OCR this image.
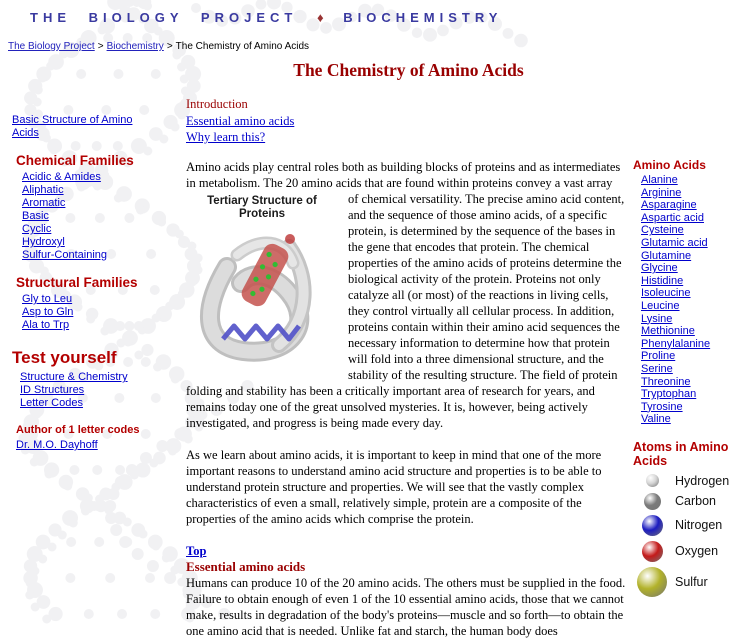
THE BIOLOGY PROJECT ♦ BIOCHEMISTRY
The Biology Project > Biochemistry > The Chemistry of Amino Acids
Basic Structure of Amino Acids
Chemical Families
Acidic & Amides
Aliphatic
Aromatic
Basic
Cyclic
Hydroxyl
Sulfur-Containing
Structural Families
Gly to Leu
Asp to Gln
Ala to Trp
Test yourself
Structure & Chemistry
ID Structures
Letter Codes
Author of 1 letter codes
Dr. M.O. Dayhoff
The Chemistry of Amino Acids
Introduction
Essential amino acids
Why learn this?

Amino acids play central roles both as building blocks of proteins and as intermediates in metabolism. The 20 amino acids that are found within proteins convey a vast array

Tertiary Structure of Proteins
of chemical versatility. The precise amino acid content, and the sequence of those amino acids, of a specific protein, is determined by the sequence of the bases in the gene that encodes that protein. The chemical properties of the amino acids of proteins determine the biological activity of the protein. Proteins not only catalyze all (or most) of the reactions in living cells, they control virtually all cellular process. In addition, proteins contain within their amino acid sequences the necessary information to determine how that protein will fold into a three dimensional structure, and the stability of the resulting structure. The field of protein folding and stability has been a critically important area of research for years, and remains today one of the great unsolved mysteries. It is, however, being actively investigated, and progress is being made every day.

As we learn about amino acids, it is important to keep in mind that one of the more important reasons to understand amino acid structure and properties is to be able to understand protein structure and properties. We will see that the vastly complex characteristics of even a small, relatively simple, protein are a composite of the properties of the amino acids which comprise the protein.

Top
Essential amino acids

Humans can produce 10 of the 20 amino acids. The others must be supplied in the food. Failure to obtain enough of even 1 of the 10 essential amino acids, those that we cannot make, results in degradation of the body's proteins—muscle and so forth—to obtain the one amino acid that is needed. Unlike fat and starch, the human body does

Amino Acids
Alanine
Arginine
Asparagine
Aspartic acid
Cysteine
Glutamic acid
Glutamine
Glycine
Histidine
Isoleucine
Leucine
Lysine
Methionine
Phenylalanine
Proline
Serine
Threonine
Tryptophan
Tyrosine
Valine
Atoms in Amino Acids
Hydrogen
Carbon
Nitrogen
Oxygen
Sulfur
